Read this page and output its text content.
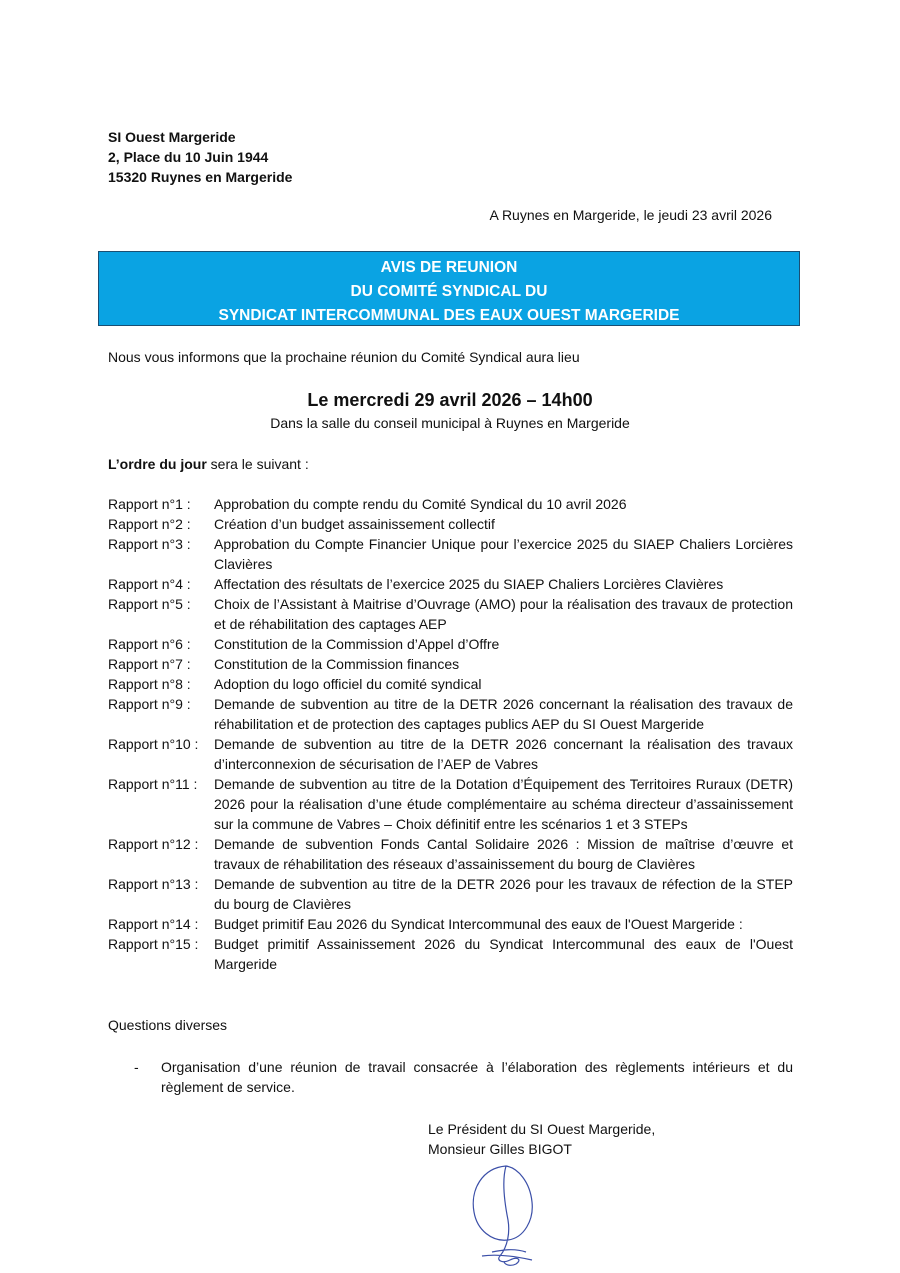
SI Ouest Margeride
2, Place du 10 Juin 1944
15320 Ruynes en Margeride
A Ruynes en Margeride, le jeudi 23 avril 2026
AVIS DE REUNION
DU COMITÉ SYNDICAL DU
SYNDICAT INTERCOMMUNAL DES EAUX OUEST MARGERIDE
Nous vous informons que la prochaine réunion du Comité Syndical aura lieu
Le mercredi 29 avril 2026 – 14h00
Dans la salle du conseil municipal à Ruynes en Margeride
L’ordre du jour sera le suivant :
Rapport n°1 :	Approbation du compte rendu du Comité Syndical du 10 avril 2026
Rapport n°2 :	Création d’un budget assainissement collectif
Rapport n°3 :	Approbation du Compte Financier Unique pour l’exercice 2025 du SIAEP Chaliers Lorcières Clavières
Rapport n°4 :	Affectation des résultats de l’exercice 2025 du SIAEP Chaliers Lorcières Clavières
Rapport n°5 :	Choix de l’Assistant à Maitrise d’Ouvrage (AMO) pour la réalisation des travaux de protection et de réhabilitation des captages AEP
Rapport n°6 :	Constitution de la Commission d’Appel d’Offre
Rapport n°7 :	Constitution de la Commission finances
Rapport n°8 :	Adoption du logo officiel du comité syndical
Rapport n°9 :	Demande de subvention au titre de la DETR 2026 concernant la réalisation des travaux de réhabilitation et de protection des captages publics AEP du SI Ouest Margeride
Rapport n°10 :	Demande de subvention au titre de la DETR 2026 concernant la réalisation des travaux d’interconnexion de sécurisation de l’AEP de Vabres
Rapport n°11 :	Demande de subvention au titre de la Dotation d’Équipement des Territoires Ruraux (DETR) 2026 pour la réalisation d’une étude complémentaire au schéma directeur d’assainissement sur la commune de Vabres – Choix définitif entre les scénarios 1 et 3 STEPs
Rapport n°12 :	Demande de subvention Fonds Cantal Solidaire 2026 : Mission de maîtrise d’œuvre et travaux de réhabilitation des réseaux d’assainissement du bourg de Clavières
Rapport n°13 :	Demande de subvention au titre de la DETR 2026 pour les travaux de réfection de la STEP du bourg de Clavières
Rapport n°14 :	Budget primitif Eau 2026 du Syndicat Intercommunal des eaux de l'Ouest Margeride :
Rapport n°15 :	Budget primitif Assainissement 2026 du Syndicat Intercommunal des eaux de l'Ouest Margeride
Questions diverses
-	Organisation d’une réunion de travail consacrée à l’élaboration des règlements intérieurs et du règlement de service.
Le Président du SI Ouest Margeride,
Monsieur Gilles BIGOT
